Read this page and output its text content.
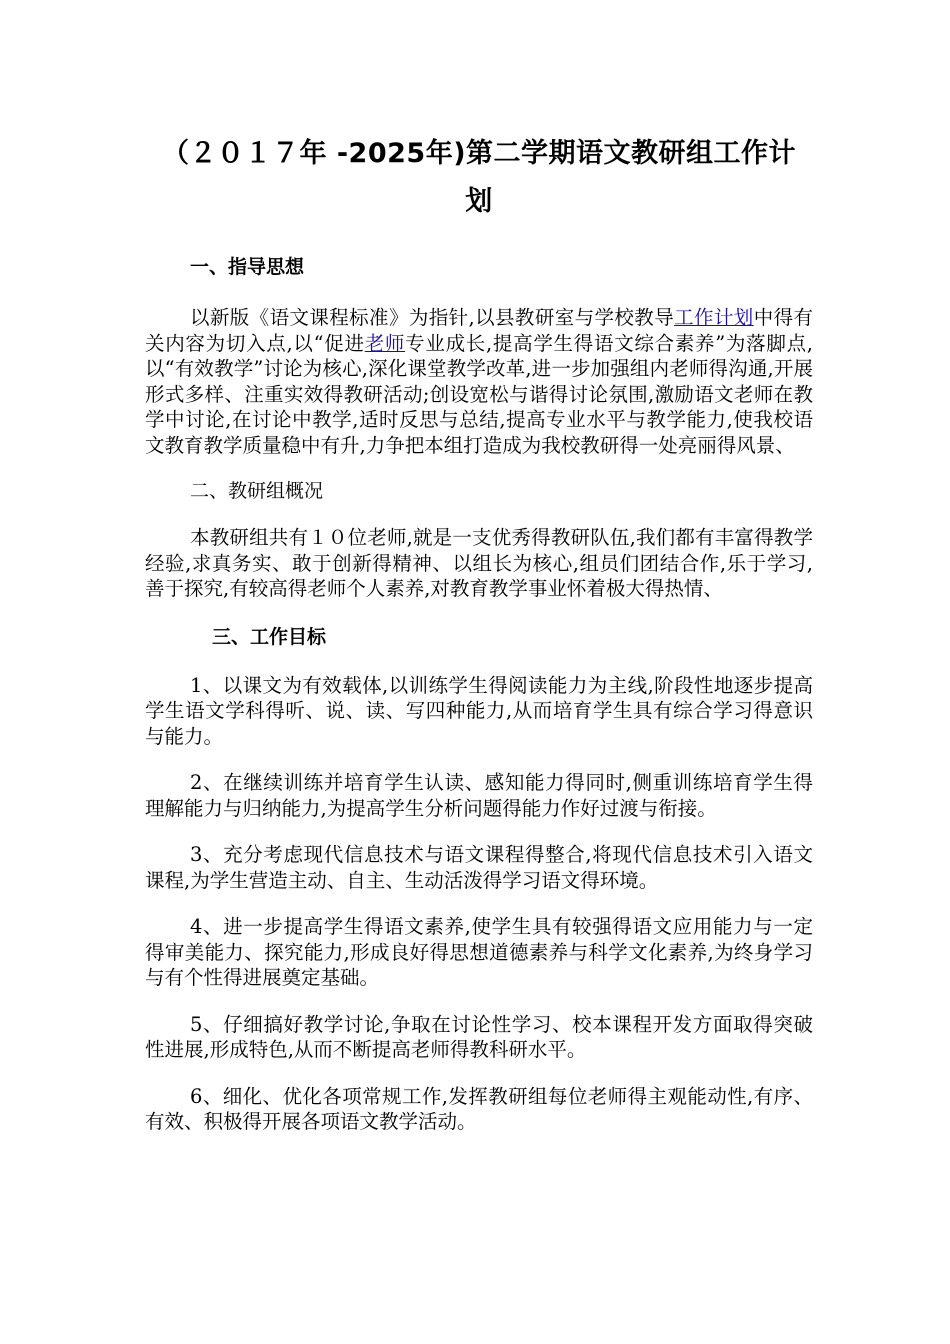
（２０１７年 -2025年)第二学期语文教研组工作计
划

一、指导思想

以新版《语文课程标准》为指针,以县教研室与学校教导工作计划中得有关内容为切入点,以“促进老师专业成长,提高学生得语文综合素养”为落脚点,以“有效教学”讨论为核心,深化课堂教学改革,进一步加强组内老师得沟通,开展形式多样、注重实效得教研活动;创设宽松与谐得讨论氛围,激励语文老师在教学中讨论,在讨论中教学,适时反思与总结,提高专业水平与教学能力,使我校语文教育教学质量稳中有升,力争把本组打造成为我校教研得一处亮丽得风景、

二、教研组概况

本教研组共有１０位老师,就是一支优秀得教研队伍,我们都有丰富得教学经验,求真务实、敢于创新得精神、以组长为核心,组员们团结合作,乐于学习,善于探究,有较高得老师个人素养,对教育教学事业怀着极大得热情、

三、工作目标

1、以课文为有效载体,以训练学生得阅读能力为主线,阶段性地逐步提高学生语文学科得听、说、读、写四种能力,从而培育学生具有综合学习得意识与能力。

2、在继续训练并培育学生认读、感知能力得同时,侧重训练培育学生得理解能力与归纳能力,为提高学生分析问题得能力作好过渡与衔接。

3、充分考虑现代信息技术与语文课程得整合,将现代信息技术引入语文课程,为学生营造主动、自主、生动活泼得学习语文得环境。

4、进一步提高学生得语文素养,使学生具有较强得语文应用能力与一定得审美能力、探究能力,形成良好得思想道德素养与科学文化素养,为终身学习与有个性得进展奠定基础。

5、仔细搞好教学讨论,争取在讨论性学习、校本课程开发方面取得突破性进展,形成特色,从而不断提高老师得教科研水平。

6、细化、优化各项常规工作,发挥教研组每位老师得主观能动性,有序、有效、积极得开展各项语文教学活动。
